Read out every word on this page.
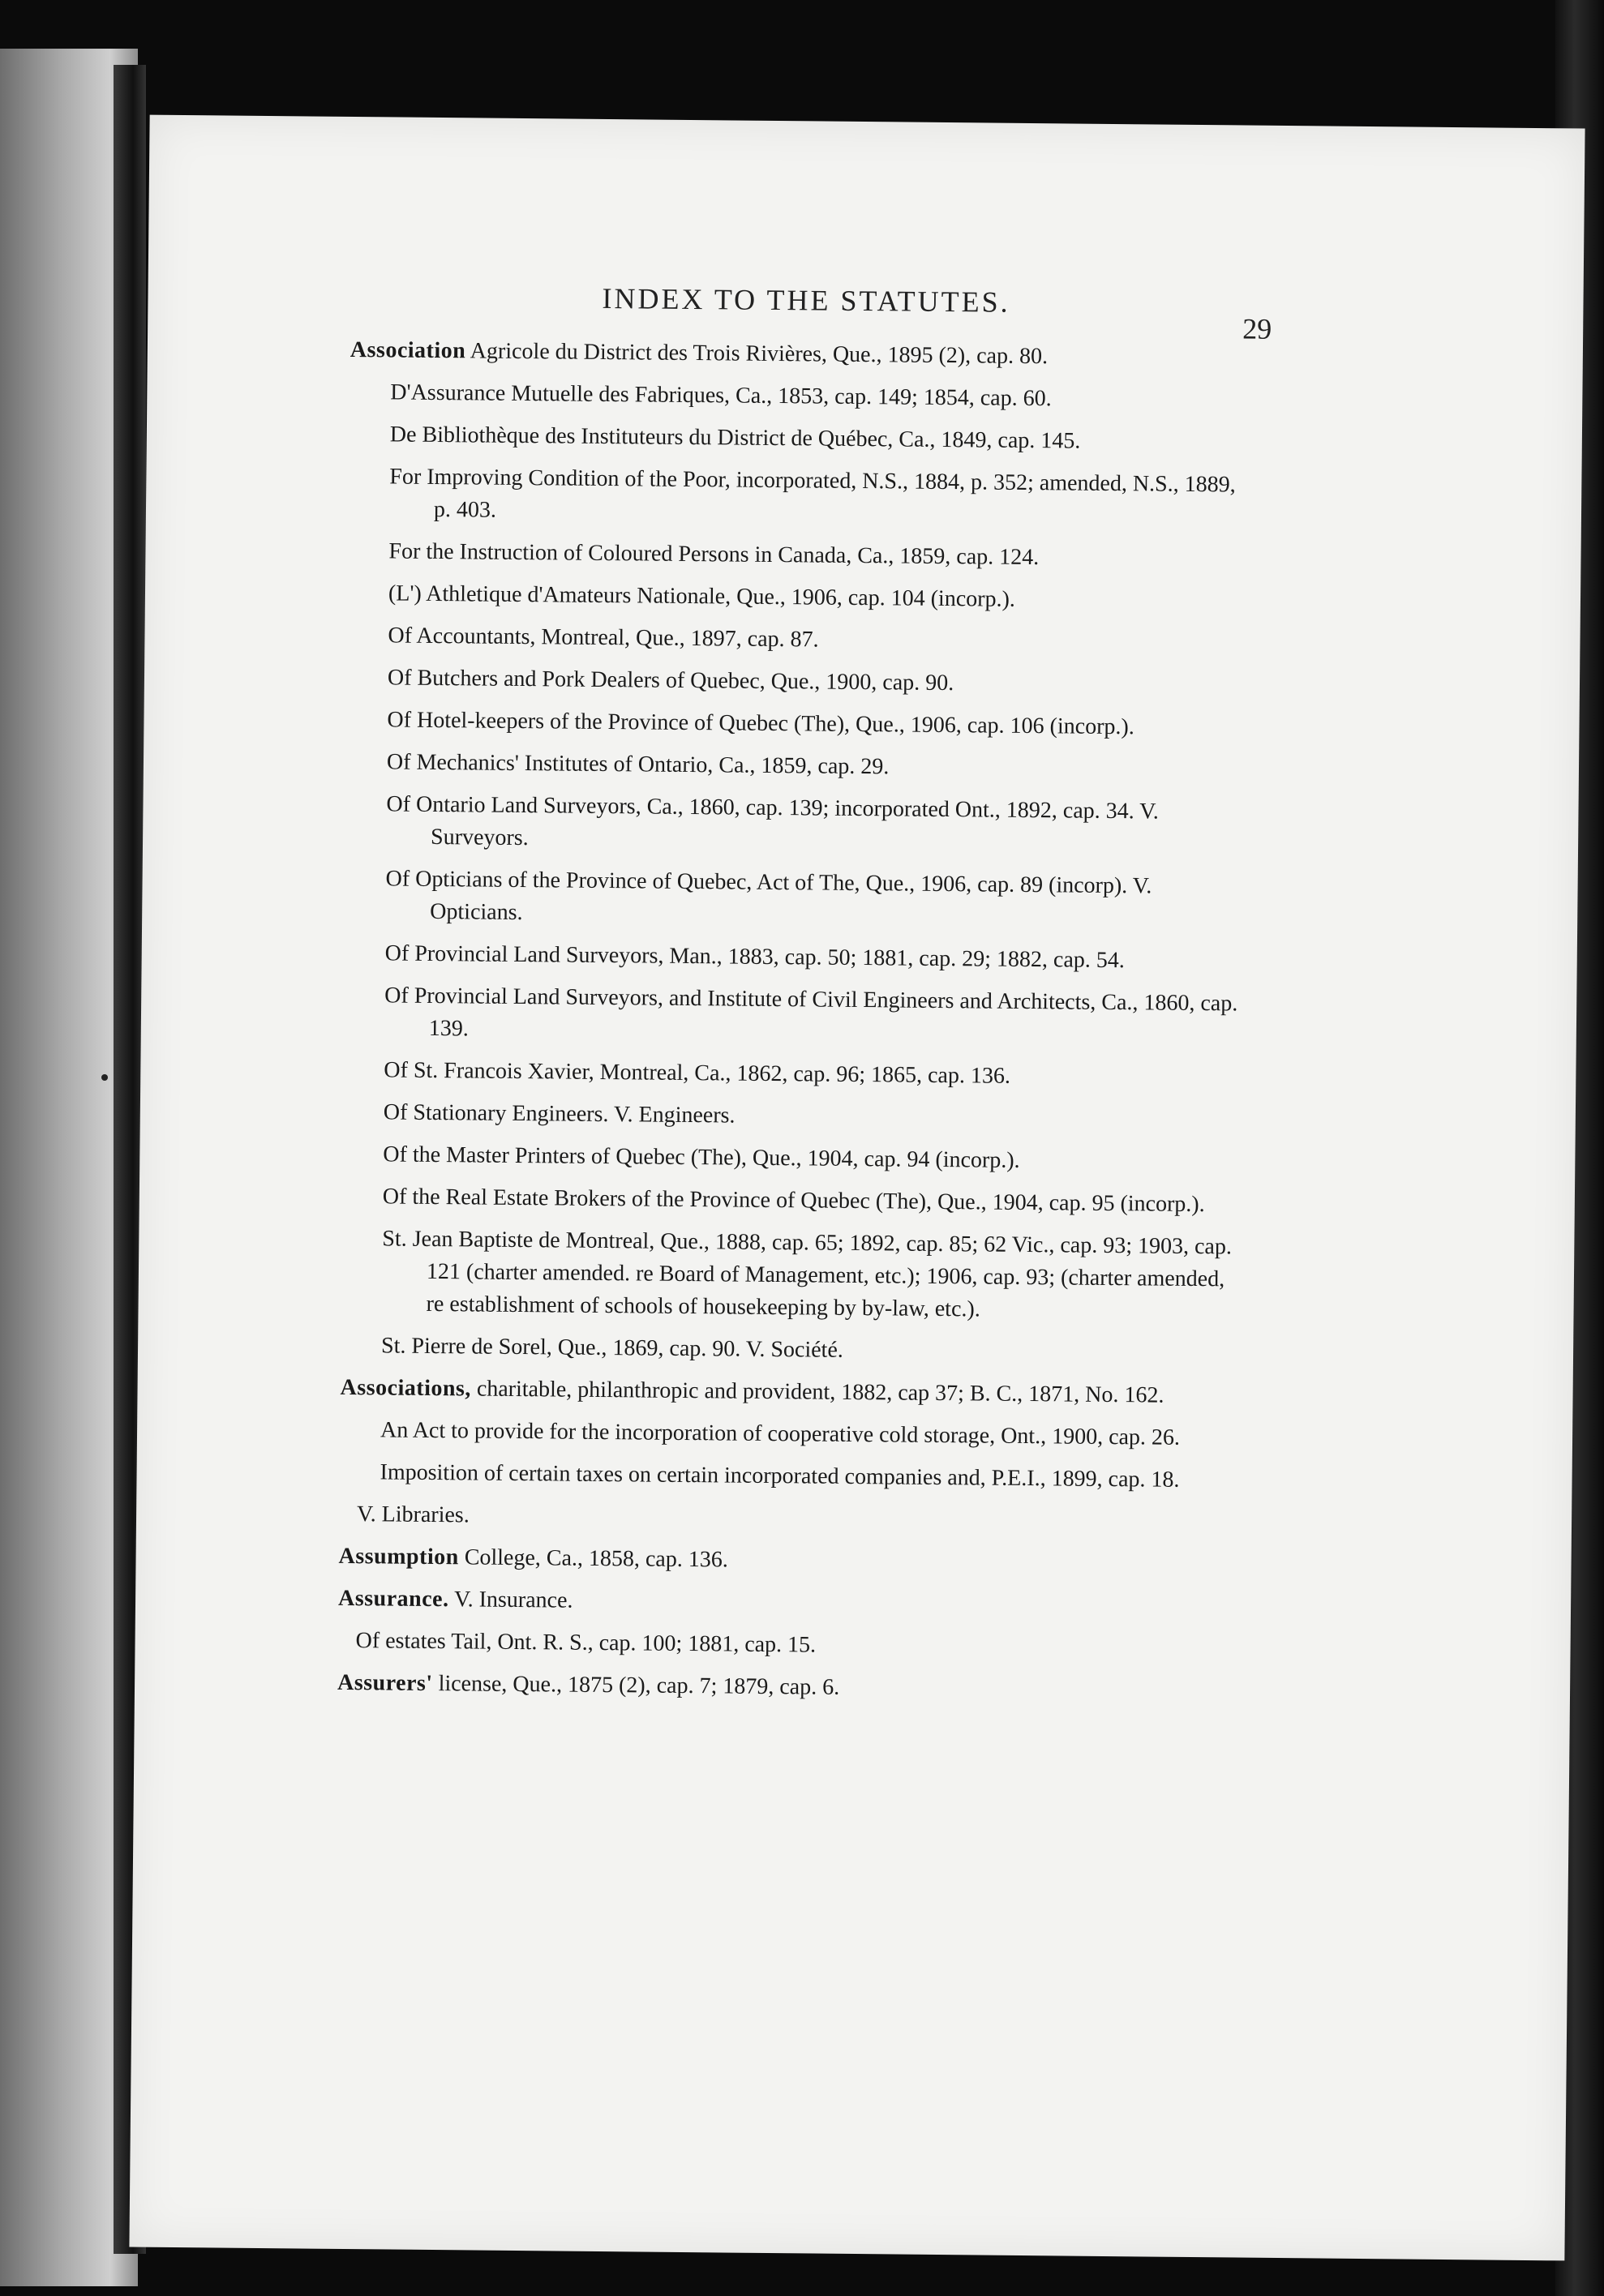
INDEX TO THE STATUTES.
29

Association Agricole du District des Trois Rivières, Que., 1895 (2), cap. 80.

D'Assurance Mutuelle des Fabriques, Ca., 1853, cap. 149; 1854, cap. 60.

De Bibliothèque des Instituteurs du District de Québec, Ca., 1849, cap. 145.

For Improving Condition of the Poor, incorporated, N.S., 1884, p. 352; amended, N.S., 1889, p. 403.

For the Instruction of Coloured Persons in Canada, Ca., 1859, cap. 124.

(L') Athletique d'Amateurs Nationale, Que., 1906, cap. 104 (incorp.).

Of Accountants, Montreal, Que., 1897, cap. 87.

Of Butchers and Pork Dealers of Quebec, Que., 1900, cap. 90.

Of Hotel-keepers of the Province of Quebec (The), Que., 1906, cap. 106 (incorp.).

Of Mechanics' Institutes of Ontario, Ca., 1859, cap. 29.

Of Ontario Land Surveyors, Ca., 1860, cap. 139; incorporated Ont., 1892, cap. 34. V. Surveyors.

Of Opticians of the Province of Quebec, Act of The, Que., 1906, cap. 89 (incorp). V. Opticians.

Of Provincial Land Surveyors, Man., 1883, cap. 50; 1881, cap. 29; 1882, cap. 54.

Of Provincial Land Surveyors, and Institute of Civil Engineers and Architects, Ca., 1860, cap. 139.

Of St. Francois Xavier, Montreal, Ca., 1862, cap. 96; 1865, cap. 136.

Of Stationary Engineers. V. Engineers.

Of the Master Printers of Quebec (The), Que., 1904, cap. 94 (incorp.).

Of the Real Estate Brokers of the Province of Quebec (The), Que., 1904, cap. 95 (incorp.).

St. Jean Baptiste de Montreal, Que., 1888, cap. 65; 1892, cap. 85; 62 Vic., cap. 93; 1903, cap. 121 (charter amended. re Board of Management, etc.); 1906, cap. 93; (charter amended, re establishment of schools of housekeeping by by-law, etc.).

St. Pierre de Sorel, Que., 1869, cap. 90. V. Société.

Associations, charitable, philanthropic and provident, 1882, cap 37; B. C., 1871, No. 162.

An Act to provide for the incorporation of cooperative cold storage, Ont., 1900, cap. 26.

Imposition of certain taxes on certain incorporated companies and, P.E.I., 1899, cap. 18.

V. Libraries.

Assumption College, Ca., 1858, cap. 136.

Assurance. V. Insurance.

Of estates Tail, Ont. R. S., cap. 100; 1881, cap. 15.

Assurers' license, Que., 1875 (2), cap. 7; 1879, cap. 6.
